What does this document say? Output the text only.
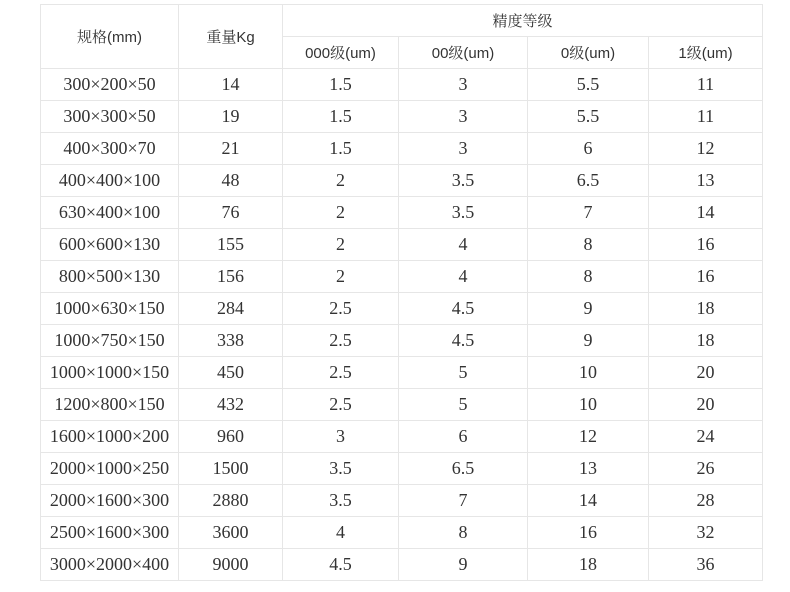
规格(mm)	重量Kg	精度等级			
		000级(um)	00级(um)	0级(um)	1级(um)
300×200×50	14	1.5	3	5.5	11
300×300×50	19	1.5	3	5.5	11
400×300×70	21	1.5	3	6	12
400×400×100	48	2	3.5	6.5	13
630×400×100	76	2	3.5	7	14
600×600×130	155	2	4	8	16
800×500×130	156	2	4	8	16
1000×630×150	284	2.5	4.5	9	18
1000×750×150	338	2.5	4.5	9	18
1000×1000×150	450	2.5	5	10	20
1200×800×150	432	2.5	5	10	20
1600×1000×200	960	3	6	12	24
2000×1000×250	1500	3.5	6.5	13	26
2000×1600×300	2880	3.5	7	14	28
2500×1600×300	3600	4	8	16	32
3000×2000×400	9000	4.5	9	18	36
